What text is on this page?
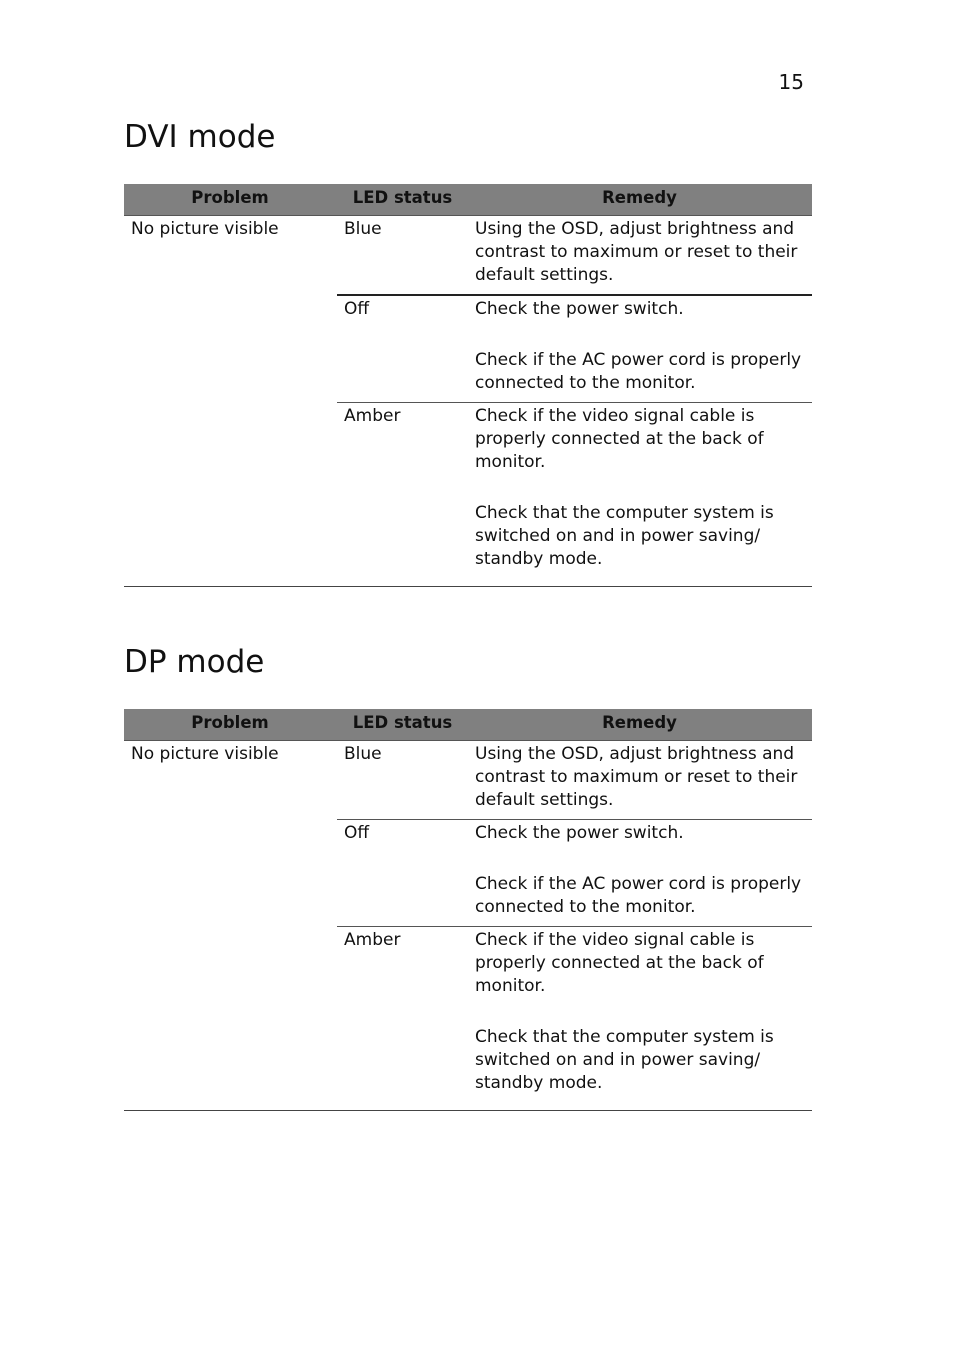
15
DVI mode
Problem	LED status	Remedy
No picture visible	Blue	Using the OSD, adjust brightness and
contrast to maximum or reset to their
default settings.
Off	Check the power switch.
Check if the AC power cord is properly
connected to the monitor.
Amber	Check if the video signal cable is
properly connected at the back of
monitor.
Check that the computer system is
switched on and in power saving/
standby mode.
DP mode
Problem	LED status	Remedy
No picture visible	Blue	Using the OSD, adjust brightness and
contrast to maximum or reset to their
default settings.
Off	Check the power switch.
Check if the AC power cord is properly
connected to the monitor.
Amber	Check if the video signal cable is
properly connected at the back of
monitor.
Check that the computer system is
switched on and in power saving/
standby mode.
